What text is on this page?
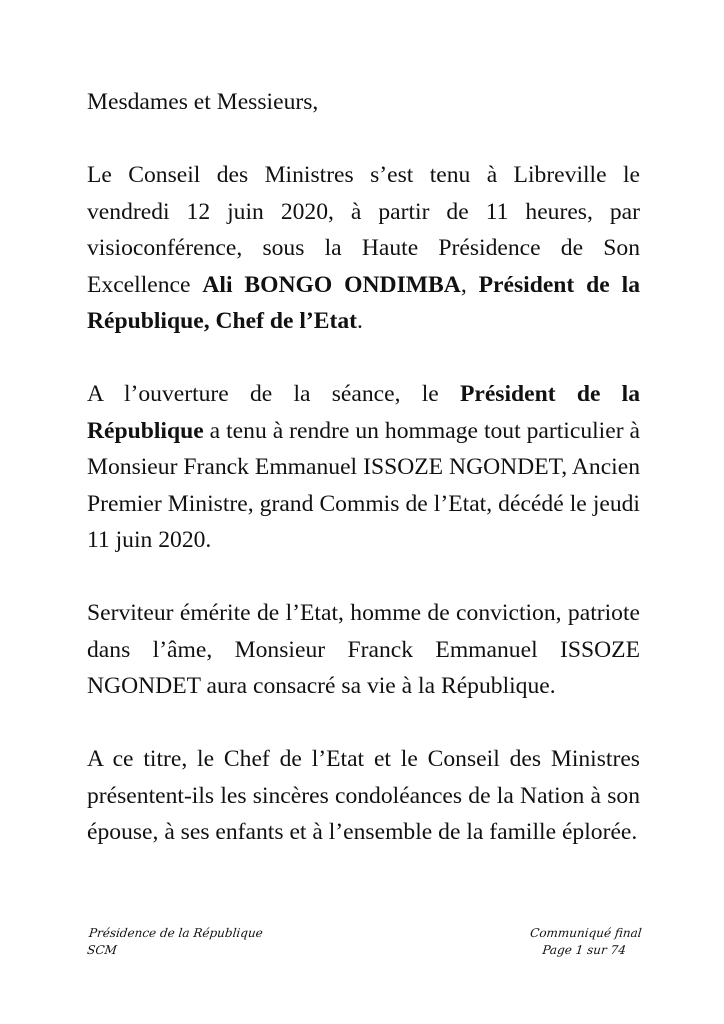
Mesdames et Messieurs,

Le Conseil des Ministres s’est tenu à Libreville le vendredi 12 juin 2020, à partir de 11 heures, par visioconférence, sous la Haute Présidence de Son Excellence Ali BONGO ONDIMBA, Président de la République, Chef de l’Etat.

A l’ouverture de la séance, le Président de la République a tenu à rendre un hommage tout particulier à Monsieur Franck Emmanuel ISSOZE NGONDET, Ancien Premier Ministre, grand Commis de l’Etat, décédé le jeudi 11 juin 2020.

Serviteur émérite de l’Etat, homme de conviction, patriote dans l’âme, Monsieur Franck Emmanuel ISSOZE NGONDET aura consacré sa vie à la République.

A ce titre, le Chef de l’Etat et le Conseil des Ministres présentent-ils les sincères condoléances de la Nation à son épouse, à ses enfants et à l’ensemble de la famille éplorée.

Présidence de la République
SCM
Communiqué final
Page 1 sur 74
